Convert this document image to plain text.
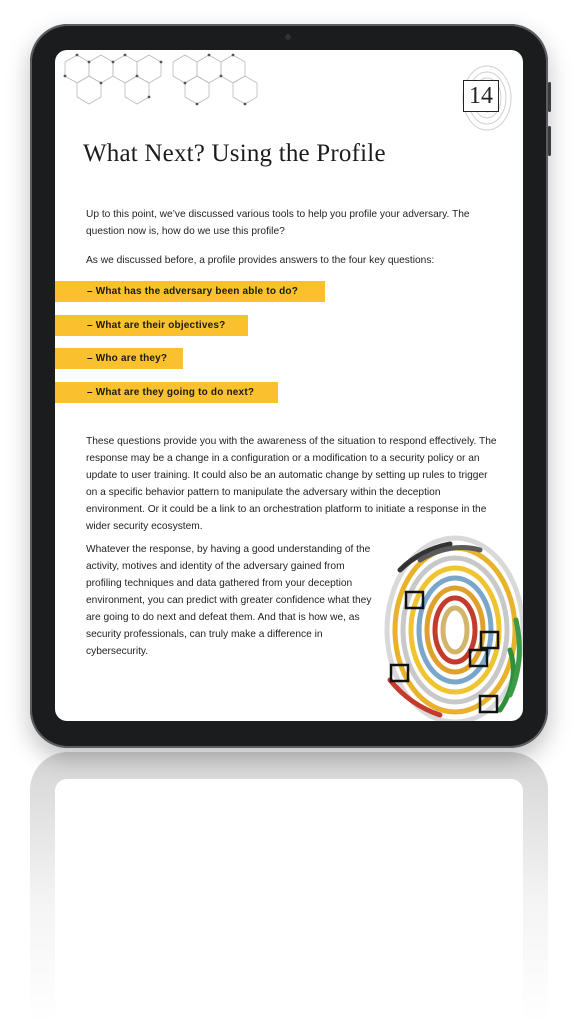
14
What Next? Using the Profile

Up to this point, we’ve discussed various tools to help you profile your adversary. The question now is, how do we use this profile?

As we discussed before, a profile provides answers to the four key questions:

– What has the adversary been able to do?
– What are their objectives?
– Who are they?
– What are they going to do next?

These questions provide you with the awareness of the situation to respond effectively. The response may be a change in a configuration or a modification to a security policy or an update to user training. It could also be an automatic change by setting up rules to trigger on a specific behavior pattern to manipulate the adversary within the deception environment. Or it could be a link to an orchestration platform to initiate a response in the wider security ecosystem.

Whatever the response, by having a good understanding of the activity, motives and identity of the adversary gained from profiling techniques and data gathered from your deception environment, you can predict with greater confidence what they are going to do next and defeat them. And that is how we, as security professionals, can truly make a difference in cybersecurity.
